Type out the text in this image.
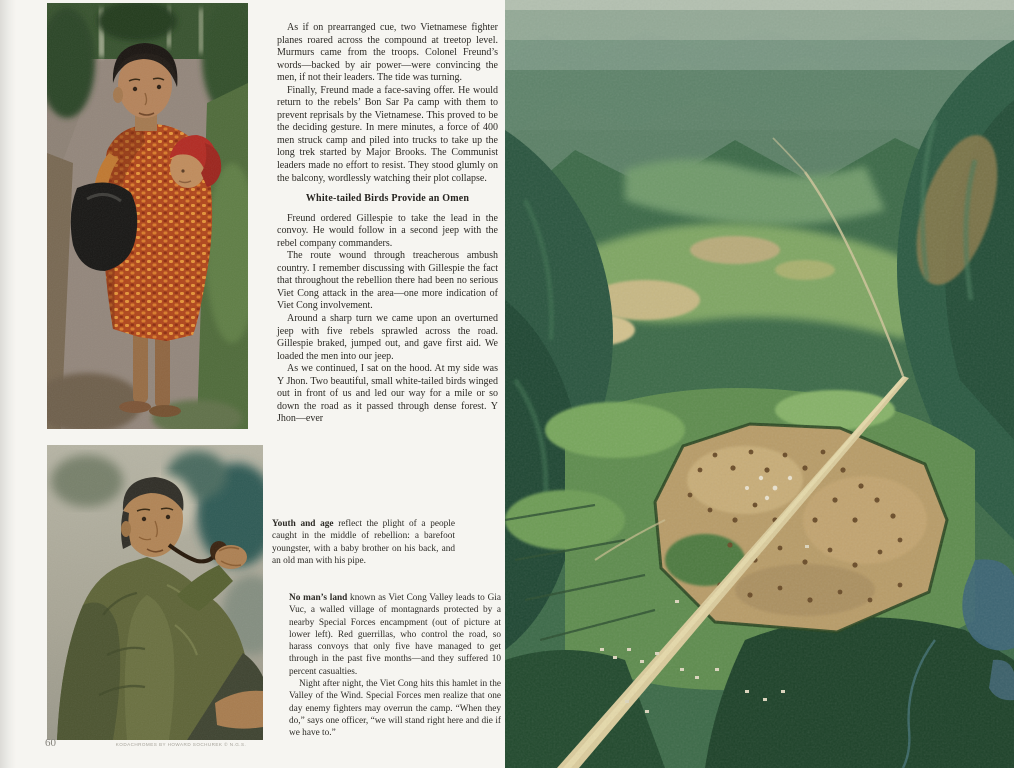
As if on prearranged cue, two Vietnamese fighter planes roared across the compound at treetop level. Murmurs came from the troops. Colonel Freund’s words—backed by air power—were convincing the men, if not their leaders. The tide was turning.

Finally, Freund made a face-saving offer. He would return to the rebels’ Bon Sar Pa camp with them to prevent reprisals by the Vietnamese. This proved to be the deciding gesture. In mere minutes, a force of 400 men struck camp and piled into trucks to take up the long trek started by Major Brooks. The Communist leaders made no effort to resist. They stood glumly on the balcony, wordlessly watching their plot collapse.

White-tailed Birds Provide an Omen

Freund ordered Gillespie to take the lead in the convoy. He would follow in a second jeep with the rebel company commanders.

The route wound through treacherous ambush country. I remember discussing with Gillespie the fact that throughout the rebellion there had been no serious Viet Cong attack in the area—one more indication of Viet Cong involvement.

Around a sharp turn we came upon an overturned jeep with five rebels sprawled across the road. Gillespie braked, jumped out, and gave first aid. We loaded the men into our jeep.

As we continued, I sat on the hood. At my side was Y Jhon. Two beautiful, small white-tailed birds winged out in front of us and led our way for a mile or so down the road as it passed through dense forest. Y Jhon—ever

Youth and age reflect the plight of a people caught in the middle of rebellion: a barefoot youngster, with a baby brother on his back, and an old man with his pipe.

No man’s land known as Viet Cong Valley leads to Gia Vuc, a walled village of montagnards protected by a nearby Special Forces encampment (out of picture at lower left). Red guerrillas, who control the road, so harass convoys that only five have managed to get through in the past five months—and they suffered 10 percent casualties.

Night after night, the Viet Cong hits this hamlet in the Valley of the Wind. Special Forces men realize that one day enemy fighters may overrun the camp. “When they do,” says one officer, “we will stand right here and die if we have to.”

60	KODACHROMES BY HOWARD SOCHUREK © N.G.S.
